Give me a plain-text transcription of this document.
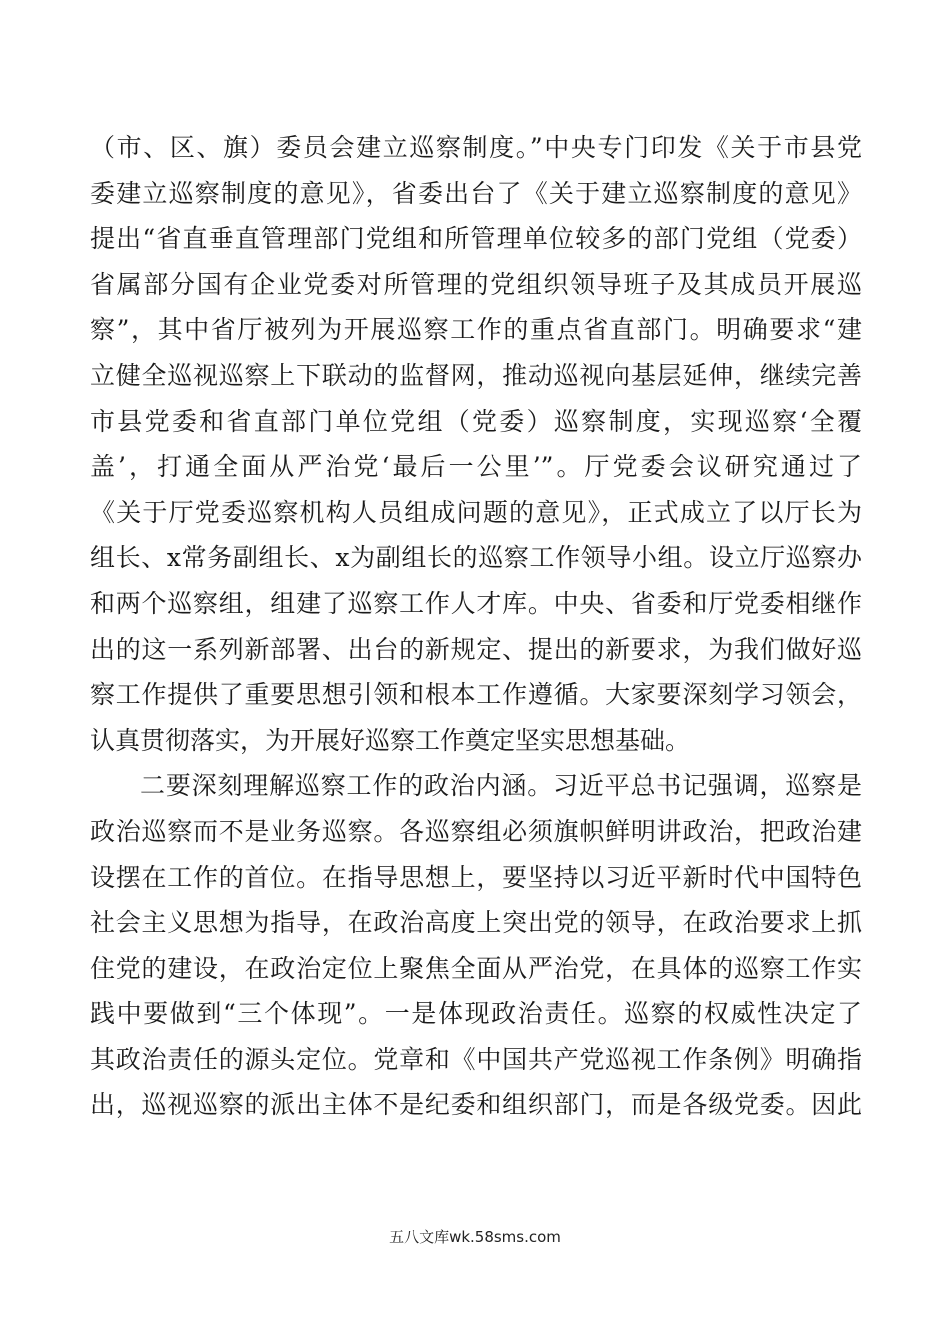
（市、区、旗）委员会建立巡察制度。”中央专门印发《关于市县党
委建立巡察制度的意见》，省委出台了《关于建立巡察制度的意见》
提出“省直垂直管理部门党组和所管理单位较多的部门党组（党委）
省属部分国有企业党委对所管理的党组织领导班子及其成员开展巡
察”，其中省厅被列为开展巡察工作的重点省直部门。明确要求“建
立健全巡视巡察上下联动的监督网，推动巡视向基层延伸，继续完善
市县党委和省直部门单位党组（党委）巡察制度，实现巡察‘全覆
盖’，打通全面从严治党‘最后一公里’”。厅党委会议研究通过了
《关于厅党委巡察机构人员组成问题的意见》，正式成立了以厅长为
组长、x常务副组长、x为副组长的巡察工作领导小组。设立厅巡察办
和两个巡察组，组建了巡察工作人才库。中央、省委和厅党委相继作
出的这一系列新部署、出台的新规定、提出的新要求，为我们做好巡
察工作提供了重要思想引领和根本工作遵循。大家要深刻学习领会，
认真贯彻落实，为开展好巡察工作奠定坚实思想基础。
二要深刻理解巡察工作的政治内涵。习近平总书记强调，巡察是
政治巡察而不是业务巡察。各巡察组必须旗帜鲜明讲政治，把政治建
设摆在工作的首位。在指导思想上，要坚持以习近平新时代中国特色
社会主义思想为指导，在政治高度上突出党的领导，在政治要求上抓
住党的建设，在政治定位上聚焦全面从严治党，在具体的巡察工作实
践中要做到“三个体现”。一是体现政治责任。巡察的权威性决定了
其政治责任的源头定位。党章和《中国共产党巡视工作条例》明确指
出，巡视巡察的派出主体不是纪委和组织部门，而是各级党委。因此
五八文库wk.58sms.com
